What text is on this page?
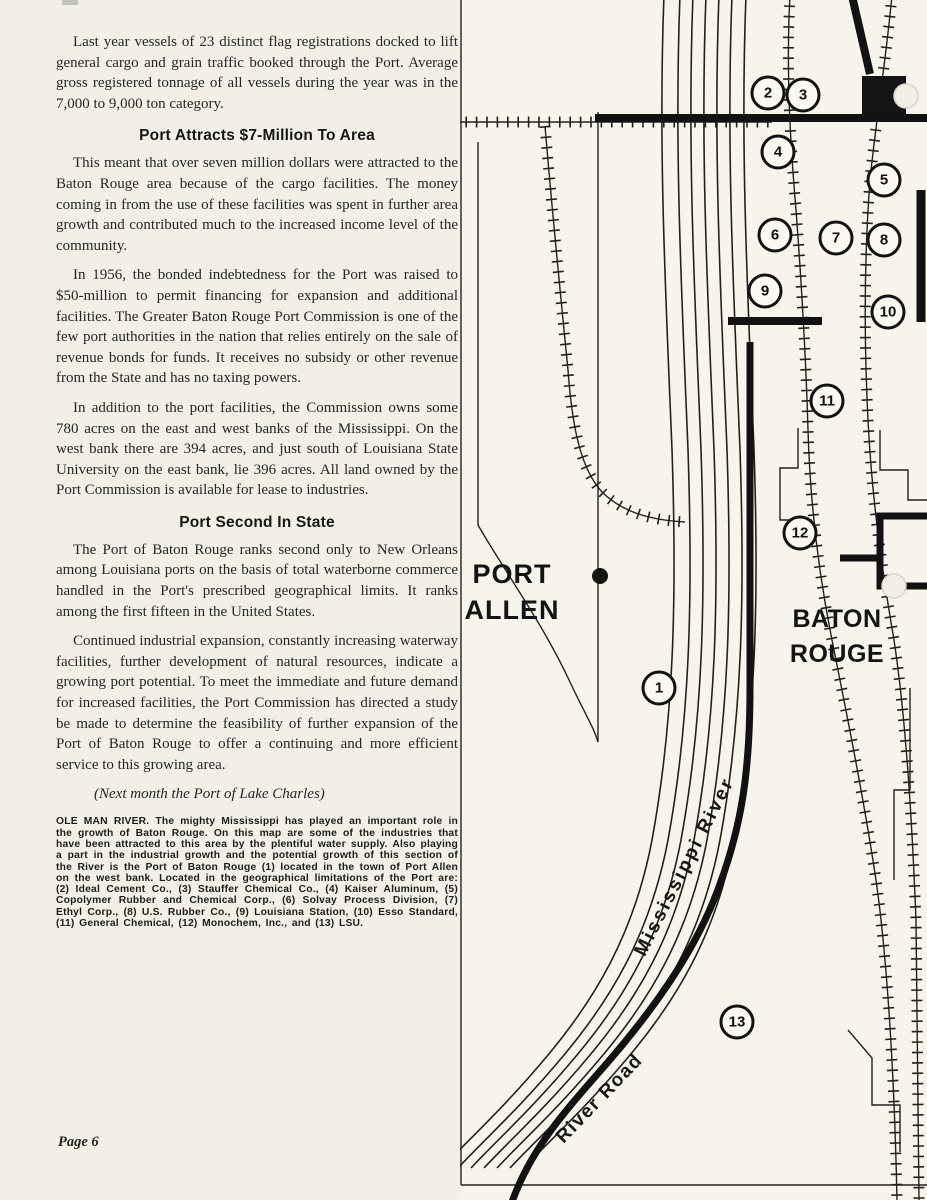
Last year vessels of 23 distinct flag registrations docked to lift general cargo and grain traffic booked through the Port. Average gross registered tonnage of all vessels during the year was in the 7,000 to 9,000 ton category.

Port Attracts $7-Million To Area

This meant that over seven million dollars were attracted to the Baton Rouge area because of the cargo facilities. The money coming in from the use of these facilities was spent in further area growth and contributed much to the increased income level of the community.

In 1956, the bonded indebtedness for the Port was raised to $50-million to permit financing for expansion and additional facilities. The Greater Baton Rouge Port Commission is one of the few port authorities in the nation that relies entirely on the sale of revenue bonds for funds. It receives no subsidy or other revenue from the State and has no taxing powers.

In addition to the port facilities, the Commission owns some 780 acres on the east and west banks of the Mississippi. On the west bank there are 394 acres, and just south of Louisiana State University on the east bank, lie 396 acres. All land owned by the Port Commission is available for lease to industries.

Port Second In State

The Port of Baton Rouge ranks second only to New Orleans among Louisiana ports on the basis of total waterborne commerce handled in the Port's prescribed geographical limits. It ranks among the first fifteen in the United States.

Continued industrial expansion, constantly increasing waterway facilities, further development of natural resources, indicate a growing port potential. To meet the immediate and future demand for increased facilities, the Port Commission has directed a study be made to determine the feasibility of further expansion of the Port of Baton Rouge to offer a continuing and more efficient service to this growing area.

(Next month the Port of Lake Charles)

OLE MAN RIVER. The mighty Mississippi has played an important role in the growth of Baton Rouge. On this map are some of the industries that have been attracted to this area by the plentiful water supply. Also playing a part in the industrial growth and the potential growth of this section of the River is the Port of Baton Rouge (1) located in the town of Port Allen on the west bank. Located in the geographical limitations of the Port are: (2) Ideal Cement Co., (3) Stauffer Chemical Co., (4) Kaiser Aluminum, (5) Copolymer Rubber and Chemical Corp., (6) Solvay Process Division, (7) Ethyl Corp., (8) U.S. Rubber Co., (9) Louisiana Station, (10) Esso Standard, (11) General Chemical, (12) Monochem, Inc., and (13) LSU.
Page 6
1
2	3
4
5
6	7	8
9
10
11
12
13
PORT
ALLEN	BATON
ROUGE
Mississippi River
River Road
